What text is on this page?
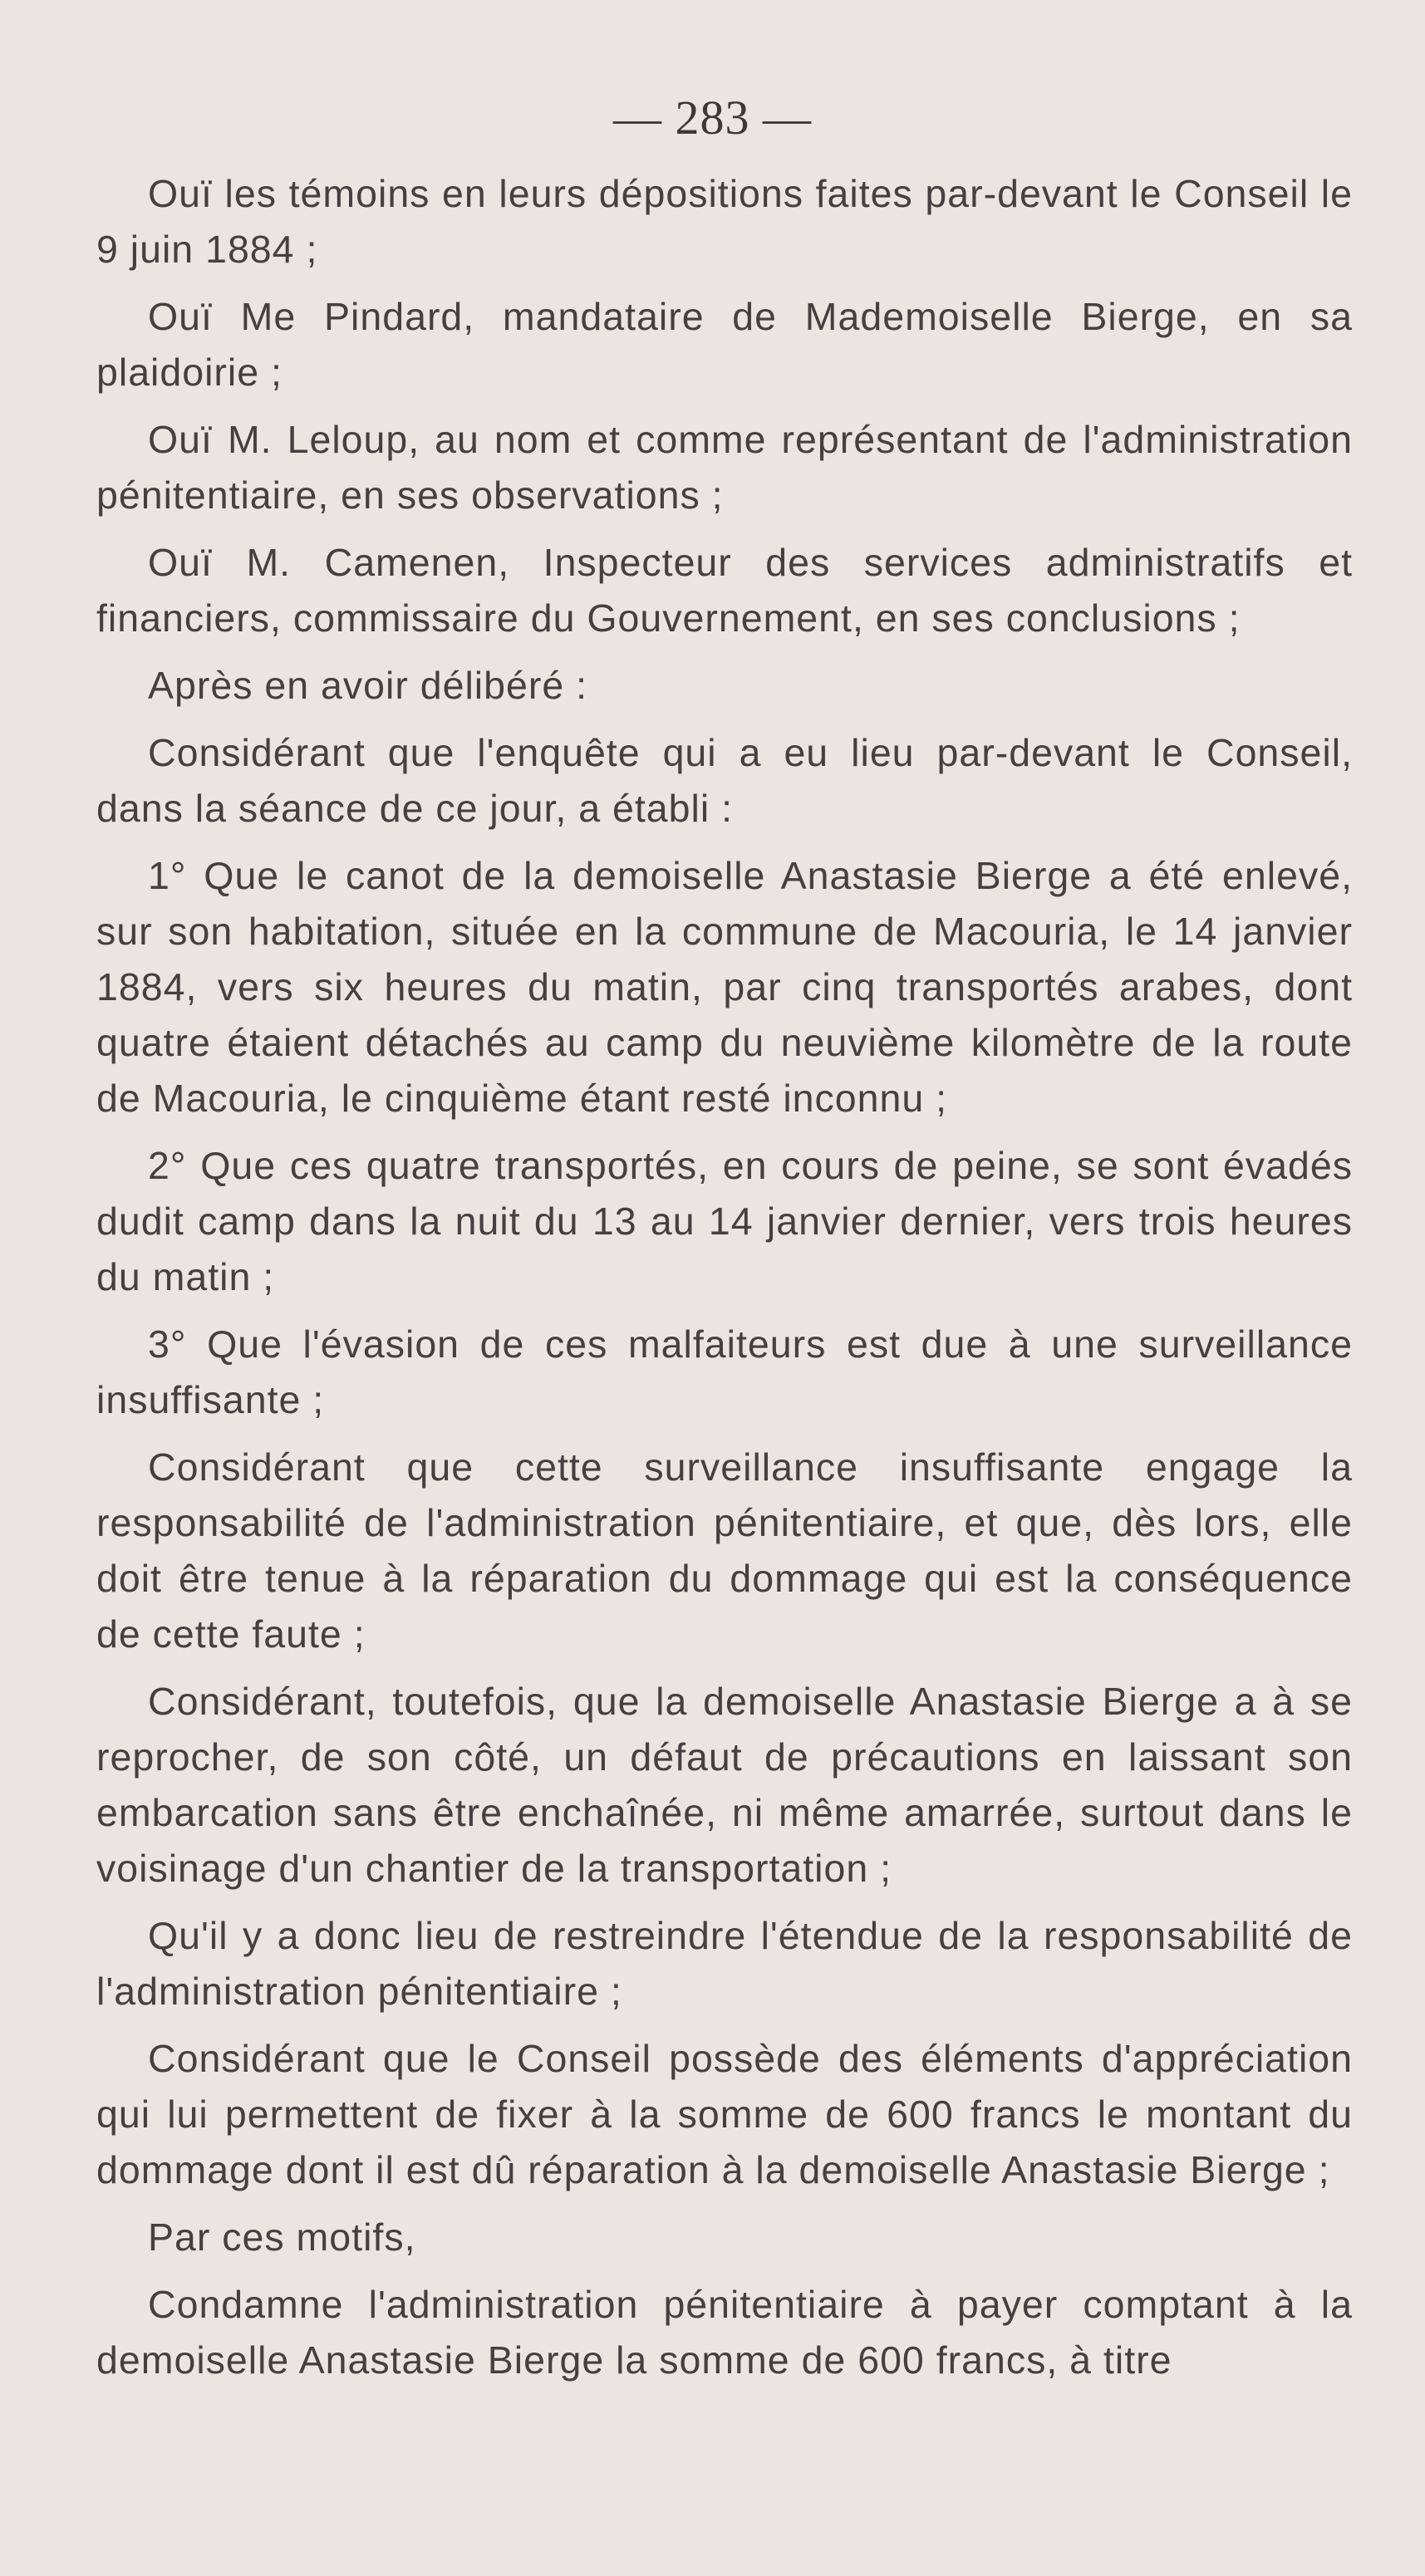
— 283 —

Ouï les témoins en leurs dépositions faites par-devant le Conseil le 9 juin 1884 ;

Ouï Me Pindard, mandataire de Mademoiselle Bierge, en sa plaidoirie ;

Ouï M. Leloup, au nom et comme représentant de l'administration pénitentiaire, en ses observations ;

Ouï M. Camenen, Inspecteur des services administratifs et financiers, commissaire du Gouvernement, en ses conclusions ;

Après en avoir délibéré :

Considérant que l'enquête qui a eu lieu par-devant le Conseil, dans la séance de ce jour, a établi :

1° Que le canot de la demoiselle Anastasie Bierge a été enlevé, sur son habitation, située en la commune de Macouria, le 14 janvier 1884, vers six heures du matin, par cinq transportés arabes, dont quatre étaient détachés au camp du neuvième kilomètre de la route de Macouria, le cinquième étant resté inconnu ;

2° Que ces quatre transportés, en cours de peine, se sont évadés dudit camp dans la nuit du 13 au 14 janvier dernier, vers trois heures du matin ;

3° Que l'évasion de ces malfaiteurs est due à une surveillance insuffisante ;

Considérant que cette surveillance insuffisante engage la responsabilité de l'administration pénitentiaire, et que, dès lors, elle doit être tenue à la réparation du dommage qui est la conséquence de cette faute ;

Considérant, toutefois, que la demoiselle Anastasie Bierge a à se reprocher, de son côté, un défaut de précautions en laissant son embarcation sans être enchaînée, ni même amarrée, surtout dans le voisinage d'un chantier de la transportation ;

Qu'il y a donc lieu de restreindre l'étendue de la responsabilité de l'administration pénitentiaire ;

Considérant que le Conseil possède des éléments d'appréciation qui lui permettent de fixer à la somme de 600 francs le montant du dommage dont il est dû réparation à la demoiselle Anastasie Bierge ;

Par ces motifs,

Condamne l'administration pénitentiaire à payer comptant à la demoiselle Anastasie Bierge la somme de 600 francs, à titre
